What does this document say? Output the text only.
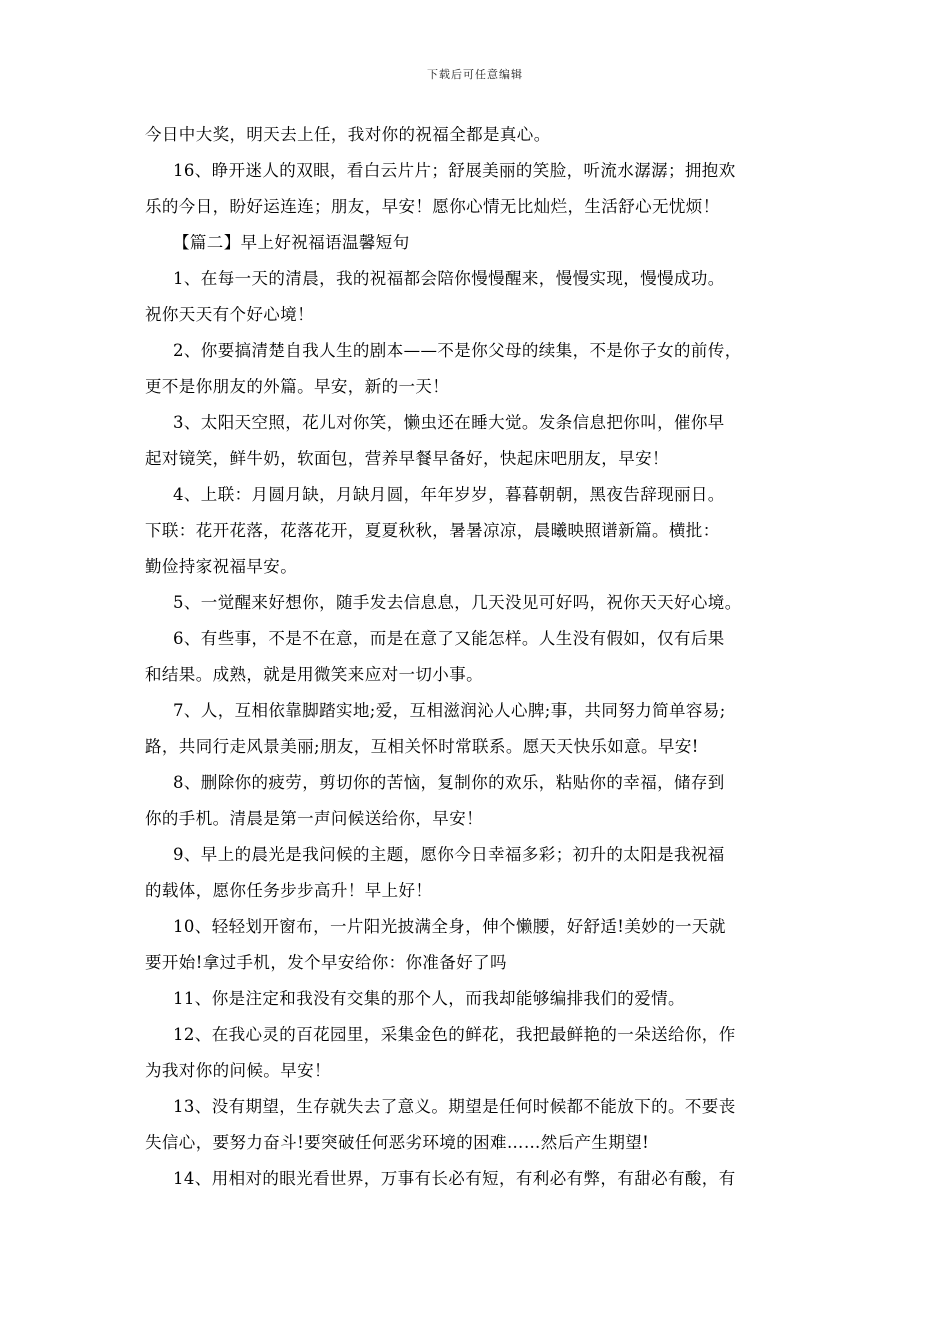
下载后可任意编辑
今日中大奖，明天去上任，我对你的祝福全都是真心。
16、睁开迷人的双眼，看白云片片；舒展美丽的笑脸，听流水潺潺；拥抱欢
乐的今日，盼好运连连；朋友，早安！愿你心情无比灿烂，生活舒心无忧烦！
【篇二】早上好祝福语温馨短句
1、在每一天的清晨，我的祝福都会陪你慢慢醒来，慢慢实现，慢慢成功。
祝你天天有个好心境！
2、你要搞清楚自我人生的剧本——不是你父母的续集，不是你子女的前传，
更不是你朋友的外篇。早安，新的一天！
3、太阳天空照，花儿对你笑，懒虫还在睡大觉。发条信息把你叫，催你早
起对镜笑，鲜牛奶，软面包，营养早餐早备好，快起床吧朋友，早安！
4、上联：月圆月缺，月缺月圆，年年岁岁，暮暮朝朝，黑夜告辞现丽日。
下联：花开花落，花落花开，夏夏秋秋，暑暑凉凉，晨曦映照谱新篇。横批：
勤俭持家祝福早安。
5、一觉醒来好想你，随手发去信息息，几天没见可好吗，祝你天天好心境。
6、有些事，不是不在意，而是在意了又能怎样。人生没有假如，仅有后果
和结果。成熟，就是用微笑来应对一切小事。
7、人，互相依靠脚踏实地;爱，互相滋润沁人心脾;事，共同努力简单容易;
路，共同行走风景美丽;朋友，互相关怀时常联系。愿天天快乐如意。早安!
8、删除你的疲劳，剪切你的苦恼，复制你的欢乐，粘贴你的幸福，储存到
你的手机。清晨是第一声问候送给你，早安！
9、早上的晨光是我问候的主题，愿你今日幸福多彩；初升的太阳是我祝福
的载体，愿你任务步步高升！早上好！
10、轻轻划开窗布，一片阳光披满全身，伸个懒腰，好舒适!美妙的一天就
要开始!拿过手机，发个早安给你：你准备好了吗
11、你是注定和我没有交集的那个人，而我却能够编排我们的爱情。
12、在我心灵的百花园里，采集金色的鲜花，我把最鲜艳的一朵送给你，作
为我对你的问候。早安！
13、没有期望，生存就失去了意义。期望是任何时候都不能放下的。不要丧
失信心，要努力奋斗!要突破任何恶劣环境的困难……然后产生期望!
14、用相对的眼光看世界，万事有长必有短，有利必有弊，有甜必有酸，有
